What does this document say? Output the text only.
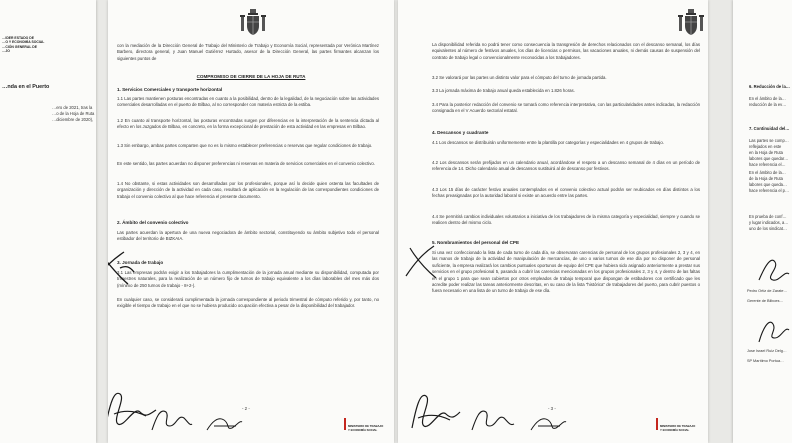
…IDER ESTADO DE
…O Y ECONOMÍA SOCIAL
…CIÓN GENERAL DE
…JO
…nda en el Puerto
…ero de 2021, tras la
…o de la Hoja de Ruta
…diciembre de 2020),
con la mediación de la Dirección General de Trabajo del Ministerio de Trabajo y Economía Social, representada por Verónica Martínez Barbero, directora general, y Juan Manuel Gutiérrez Hurtado, asesor de la Dirección General, las partes firmantes alcanzan los siguientes puntos de
COMPROMISO DE CIERRE DE LA HOJA DE RUTA
1. Servicios Comerciales y transporte horizontal
1.1 Las partes mantienen posturas encontradas en cuanto a la posibilidad, dentro de la legalidad, de la negociación sobre las actividades comerciales desarrolladas en el puerto de Bilbao, al no corresponder con materia estricta de la estiba.
1.2 En cuanto al transporte horizontal, las posturas encontradas surgen por diferencias en la interpretación de la sentencia dictada al efecto en los Juzgados de Bilbao, en concreto, en la forma excepcional de prestación de esta actividad en las empresas en Bilbao.
1.3 Sin embargo, ambas partes comparten que no es lo mismo establecer preferencias o reservas que regular condiciones de trabajo.
En este sentido, las partes acuerdan no disponer preferencias ni reservas en materia de servicios comerciales en el convenio colectivo.
1.4 No obstante, si estas actividades son desarrolladas por los profesionales, porque así lo decide quien ostenta las facultades de organización y dirección de la actividad en cada caso, resultará de aplicación en la regulación de las correspondientes condiciones de trabajo el convenio colectivo al que hace referencia el presente documento.
2. Ámbito del convenio colectivo
Las partes acuerdan la apertura de una nueva negociadora de ámbito sectorial, constituyendo su ámbito subjetivo todo el personal estibador del territorio de BIZKAIA.
3. Jornada de trabajo
3.1 Las empresas podrán exigir a los trabajadores la cumplimentación de la jornada anual mediante su disponibilidad, computada por trimestres naturales, para la realización de un número fijo de turnos de trabajo equivalente a los días laborables del mes más dos (mínimo de 250 turnos de trabajo - 8+2-).
En cualquier caso, se considerará cumplimentada la jornada correspondiente al periodo trimestral de cómputo referido y, por tanto, no exigible el tiempo de trabajo en el que no se hubiera producido ocupación efectiva a pesar de la disponibilidad del trabajador.
- 2 -
MINISTERIO DE TRABAJO
Y ECONOMÍA SOCIAL
La disponibilidad referida no podrá tener como consecuencia la transgresión de derechos relacionados con el descanso semanal, los días equivalentes al número de festivos anuales, los días de licencias o permisos, las vacaciones anuales, ni demás causas de suspensión del contrato de trabajo legal o convencionalmente reconocidas a los trabajadores.
3.2 Se valorará por las partes un distinto valor para el cómputo del turno de jornada partida.
3.3 La jornada máxima de trabajo anual queda establecida en 1.826 horas.
3.4 Para la posterior redacción del convenio se tomará como referencia interpretativa, con las particularidades antes indicadas, la redacción consignada en el V Acuerdo sectorial estatal.
4. Descansos y cuadrante
4.1 Los descansos se distribuirán uniformemente entre la plantilla por categorías y especialidades en 4 grupos de trabajo.
4.2 Los descansos serán prefijados en un calendario anual, acordándose el respeto a un descanso semanal de 4 días en un período de referencia de 14. Dicho calendario anual de descansos sustituirá al de descanso por festivos.
4.3 Los 15 días de carácter festivo anuales contemplados en el convenio colectivo actual podrán ser reubicados en días distintos a los fechas preasignadas por la autoridad laboral si existe un acuerdo entre las partes.
4.4 Se permitirá cambios individuales voluntarios a iniciativa de los trabajadores de la misma categoría y especialidad, siempre y cuando se realicen dentro del mismo ciclo.
5. Nombramientos del personal del CPE
Si una vez confeccionado la lista de cada turno de cada día, se observaran carencias de personal de los grupos profesionales 2, 3 y 4, en las manos de trabajo de la actividad de manipulación de mercancías, de uno o varios turnos de ese día por no disponer de personal suficiente, la empresa realizará los cambios puntuales oportunos de equipo del CPE que hubiera sido asignado anteriormente a prestar sus servicios en el grupo profesional 5, pasando a cubrir las carencias mencionadas en los grupos profesionales 2, 3 y 4, y dentro de las faltas en el grupo 1 para que sean cubiertos por otros empleados de trabajo temporal que dispongan de estibadores con certificado que les acredite poder realizar las tareas anteriormente descritas, en su caso de la lista "histórica" de trabajadores del puerto, para cubrir puestos o fuera necesario en una lista de un turno de trabajo de ese día.
- 3 -
MINISTERIO DE TRABAJO
Y ECONOMÍA SOCIAL
6. Reducción de la…
En el ámbito de la…
reducción de la ev…
7. Continuidad del…
Las partes se comp…
reflejados en este
en la Hoja de Ruta
labores que quedar…
hace referencia el…
En el ámbito de la…
de la Hoja de Ruta
labores que queda…
hace referencia el p…
En prueba de conf…
y lugar indicados, a…
uno de los sindicat…
Pedro Ortiz de Zarate…
Gerente de Bilboes…
Jose Israel Ruiz Delg…
SP Marítimo Portua…
